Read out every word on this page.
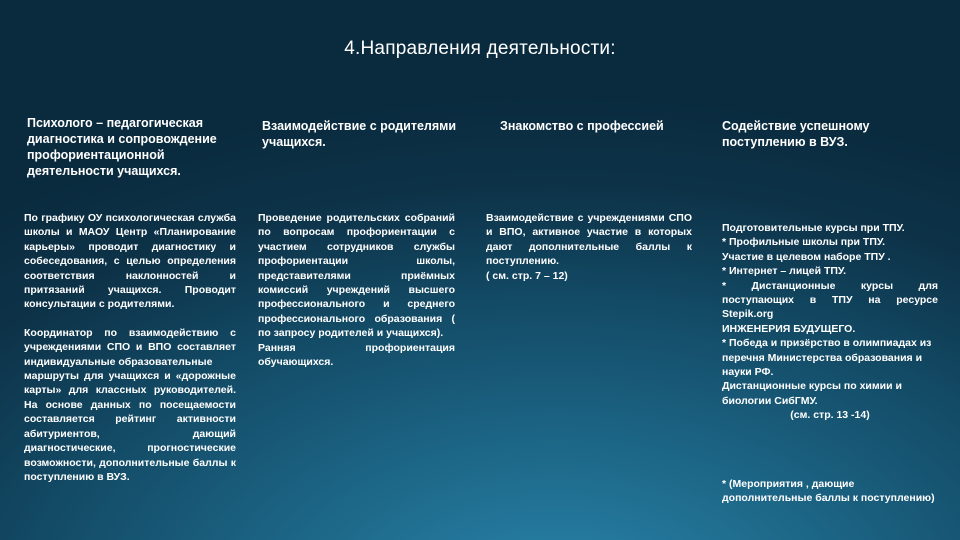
4.Направления деятельности:
Психолого – педагогическая диагностика и сопровождение профориентационной деятельности учащихся.

По графику ОУ психологическая служба школы и МАОУ Центр «Планирование карьеры» проводит диагностику и собеседования, с целью определения соответствия наклонностей и притязаний учащихся. Проводит консультации с родителями.

Координатор по взаимодействию с учреждениями СПО и ВПО составляет индивидуальные образовательные

маршруты для учащихся и «дорожные карты» для классных руководителей. На основе данных по посещаемости составляется рейтинг активности абитуриентов, дающий диагностические, прогностические возможности, дополнительные баллы к поступлению в ВУЗ.

Взаимодействие с родителями учащихся.

Проведение родительских собраний по вопросам профориентации с участием сотрудников службы профориентации школы, представителями приёмных комиссий учреждений высшего профессионального и среднего профессионального образования ( по запросу родителей и учащихся).

Ранняя профориентация обучающихся.

Знакомство с профессией

Взаимодействие с учреждениями СПО и ВПО, активное участие в которых дают дополнительные баллы к поступлению.

( см. стр. 7 – 12)

Содействие успешному поступлению в ВУЗ.

Подготовительные курсы при ТПУ.

* Профильные школы при ТПУ.

Участие в целевом наборе ТПУ .

* Интернет – лицей ТПУ.

* Дистанционные курсы для поступающих в ТПУ на ресурсе Stepik.org

ИНЖЕНЕРИЯ БУДУЩЕГО.

* Победа и призёрство в олимпиадах из перечня Министерства образования и науки РФ.

Дистанционные курсы по химии и биологии СибГМУ.

(см. стр. 13 -14)

* (Мероприятия , дающие дополнительные баллы к поступлению)
